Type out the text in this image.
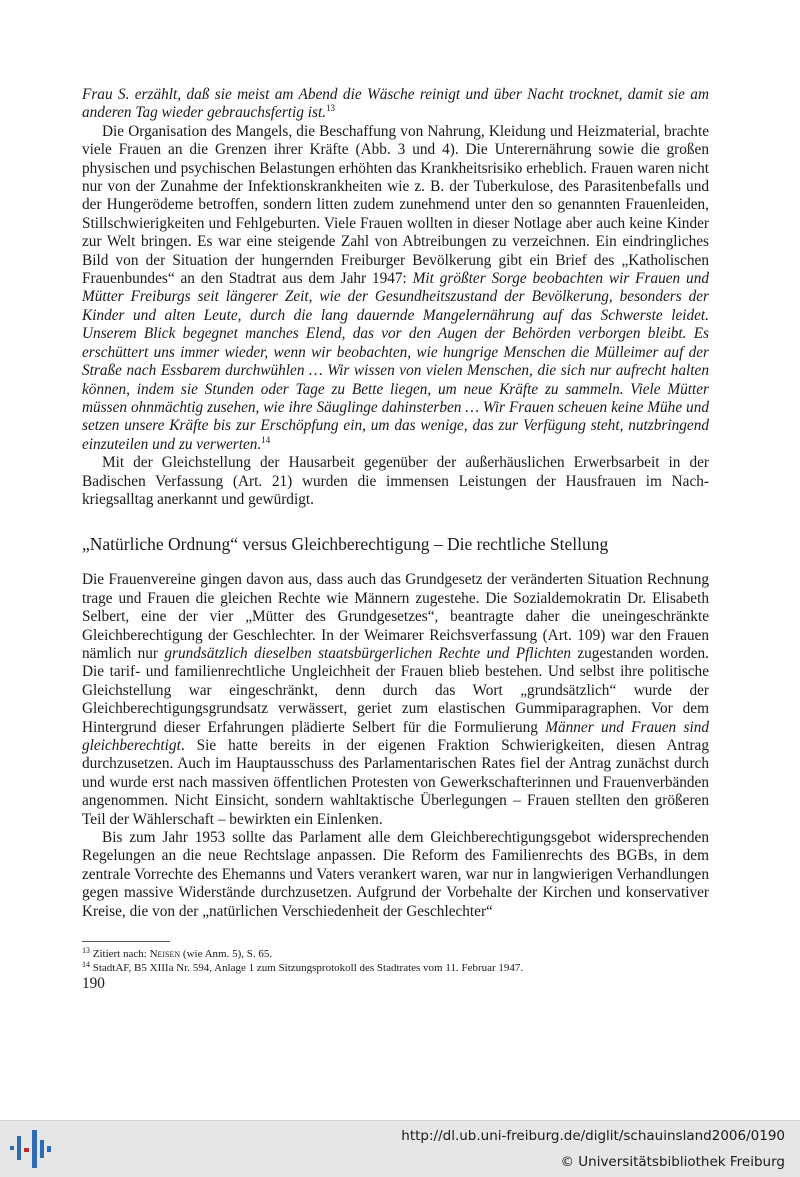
Frau S. erzählt, daß sie meist am Abend die Wäsche reinigt und über Nacht trocknet, damit sie am anderen Tag wieder gebrauchsfertig ist.$^{13}$

Die Organisation des Mangels, die Beschaffung von Nahrung, Kleidung und Heizmaterial, brachte viele Frauen an die Grenzen ihrer Kräfte (Abb. 3 und 4). Die Unterernährung sowie die großen physischen und psychischen Belastungen erhöhten das Krankheitsrisiko erheblich. Frauen waren nicht nur von der Zunahme der Infektionskrankheiten wie z. B. der Tuberkulose, des Parasitenbefalls und der Hungerödeme betroffen, sondern litten zudem zunehmend unter den so genannten Frauenleiden, Stillschwierigkeiten und Fehlgeburten. Viele Frauen wollten in dieser Notlage aber auch keine Kinder zur Welt bringen. Es war eine steigende Zahl von Abtreibungen zu verzeichnen. Ein eindringliches Bild von der Situation der hungernden Freiburger Bevölkerung gibt ein Brief des „Katholischen Frauenbundes“ an den Stadtrat aus dem Jahr 1947: Mit größter Sorge beobachten wir Frauen und Mütter Freiburgs seit längerer Zeit, wie der Gesundheitszustand der Bevölkerung, besonders der Kinder und alten Leute, durch die lang dauernde Mangelernährung auf das Schwerste leidet. Unserem Blick begegnet manches Elend, das vor den Augen der Behörden verborgen bleibt. Es erschüttert uns immer wieder, wenn wir beobachten, wie hungrige Menschen die Mülleimer auf der Straße nach Essbarem durchwühlen … Wir wissen von vielen Menschen, die sich nur aufrecht halten können, indem sie Stunden oder Tage zu Bette liegen, um neue Kräfte zu sammeln. Viele Mütter müssen ohnmächtig zusehen, wie ihre Säuglinge dahinsterben … Wir Frauen scheuen keine Mühe und setzen unsere Kräfte bis zur Erschöpfung ein, um das wenige, das zur Verfügung steht, nutzbringend einzuteilen und zu verwerten.$^{14}$

Mit der Gleichstellung der Hausarbeit gegenüber der außerhäuslichen Erwerbsarbeit in der Badischen Verfassung (Art. 21) wurden die immensen Leistungen der Hausfrauen im Nachkriegsalltag anerkannt und gewürdigt.

„Natürliche Ordnung“ versus Gleichberechtigung – Die rechtliche Stellung

Die Frauenvereine gingen davon aus, dass auch das Grundgesetz der veränderten Situation Rechnung trage und Frauen die gleichen Rechte wie Männern zugestehe. Die Sozialdemokratin Dr. Elisabeth Selbert, eine der vier „Mütter des Grundgesetzes“, beantragte daher die uneingeschränkte Gleichberechtigung der Geschlechter. In der Weimarer Reichsverfassung (Art. 109) war den Frauen nämlich nur grundsätzlich dieselben staatsbürgerlichen Rechte und Pflichten zugestanden worden. Die tarif- und familienrechtliche Ungleichheit der Frauen blieb bestehen. Und selbst ihre politische Gleichstellung war eingeschränkt, denn durch das Wort „grundsätzlich“ wurde der Gleichberechtigungsgrundsatz verwässert, geriet zum elastischen Gummiparagraphen. Vor dem Hintergrund dieser Erfahrungen plädierte Selbert für die Formulierung Männer und Frauen sind gleichberechtigt. Sie hatte bereits in der eigenen Fraktion Schwierigkeiten, diesen Antrag durchzusetzen. Auch im Hauptausschuss des Parlamentarischen Rates fiel der Antrag zunächst durch und wurde erst nach massiven öffentlichen Protesten von Gewerkschafterinnen und Frauenverbänden angenommen. Nicht Einsicht, sondern wahltaktische Überlegungen – Frauen stellten den größeren Teil der Wählerschaft – bewirkten ein Einlenken.

Bis zum Jahr 1953 sollte das Parlament alle dem Gleichberechtigungsgebot widersprechenden Regelungen an die neue Rechtslage anpassen. Die Reform des Familienrechts des BGBs, in dem zentrale Vorrechte des Ehemanns und Vaters verankert waren, war nur in langwierigen Verhandlungen gegen massive Widerstände durchzusetzen. Aufgrund der Vorbehalte der Kirchen und konservativer Kreise, die von der „natürlichen Verschiedenheit der Geschlechter“

$^{13}$ Zitiert nach: Neisen (wie Anm. 5), S. 65.

$^{14}$ StadtAF, B5 XIIIa Nr. 594, Anlage 1 zum Sitzungsprotokoll des Stadtrates vom 11. Februar 1947.

190

http://dl.ub.uni-freiburg.de/diglit/schauinsland2006/0190
© Universitätsbibliothek Freiburg
